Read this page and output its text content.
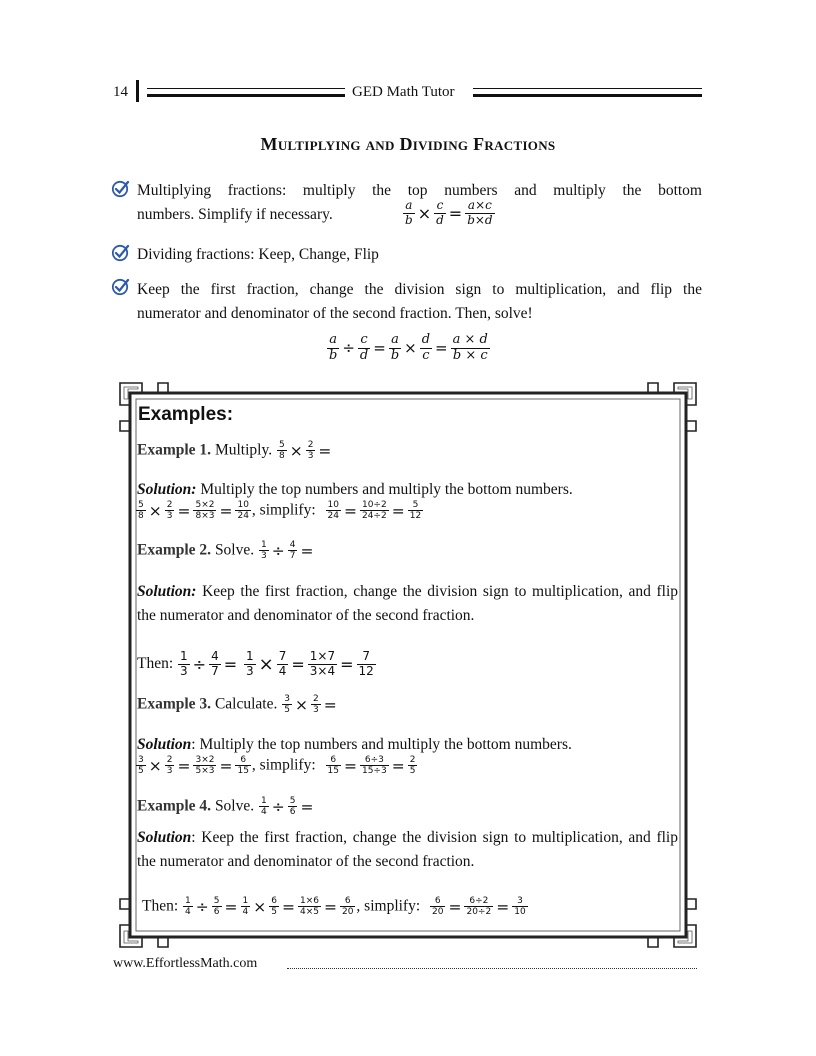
14	GED Math Tutor
Multiplying and Dividing Fractions
Multiplying fractions: multiply the top numbers and multiply the bottom
numbers. Simplify if necessary.	$\frac{a}{b} \times \frac{c}{d} = \frac{a\times c}{b\times d}$
Dividing fractions: Keep, Change, Flip
Keep the first fraction, change the division sign to multiplication, and flip the
numerator and denominator of the second fraction. Then, solve!
$\frac{a}{b} \div \frac{c}{d} = \frac{a}{b} \times \frac{d}{c} = \frac{a \times d}{b \times c}$
Examples:
Example 1. Multiply. $\frac{5}{8} \times \frac{2}{3}$ =
Solution: Multiply the top numbers and multiply the bottom numbers.
$\frac{5}{8} \times \frac{2}{3} = \frac{5\times 2}{8\times 3} = \frac{10}{24}$ , simplify: $\frac{10}{24} = \frac{10\div 2}{24\div 2} = \frac{5}{12}$
Example 2. Solve. $\frac{1}{3} \div \frac{4}{7}$ =
Solution: Keep the first fraction, change the division sign to multiplication, and flip the numerator and denominator of the second fraction.
Then: $\frac{1}{3} \div \frac{4}{7} = \frac{1}{3} \times \frac{7}{4} = \frac{1\times 7}{3\times 4} = \frac{7}{12}$
Example 3. Calculate. $\frac{3}{5} \times \frac{2}{3}$ =
Solution: Multiply the top numbers and multiply the bottom numbers.
$\frac{3}{5} \times \frac{2}{3} = \frac{3\times 2}{5\times 3} = \frac{6}{15}$ , simplify: $\frac{6}{15} = \frac{6\div 3}{15\div 3} = \frac{2}{5}$
Example 4. Solve. $\frac{1}{4} \div \frac{5}{6}$ =
Solution: Keep the first fraction, change the division sign to multiplication, and flip the numerator and denominator of the second fraction.
Then: $\frac{1}{4} \div \frac{5}{6} = \frac{1}{4} \times \frac{6}{5} = \frac{1\times 6}{4\times 5} = \frac{6}{20}$ , simplify: $\frac{6}{20} = \frac{6\div 2}{20\div 2} = \frac{3}{10}$
www.EffortlessMath.com
